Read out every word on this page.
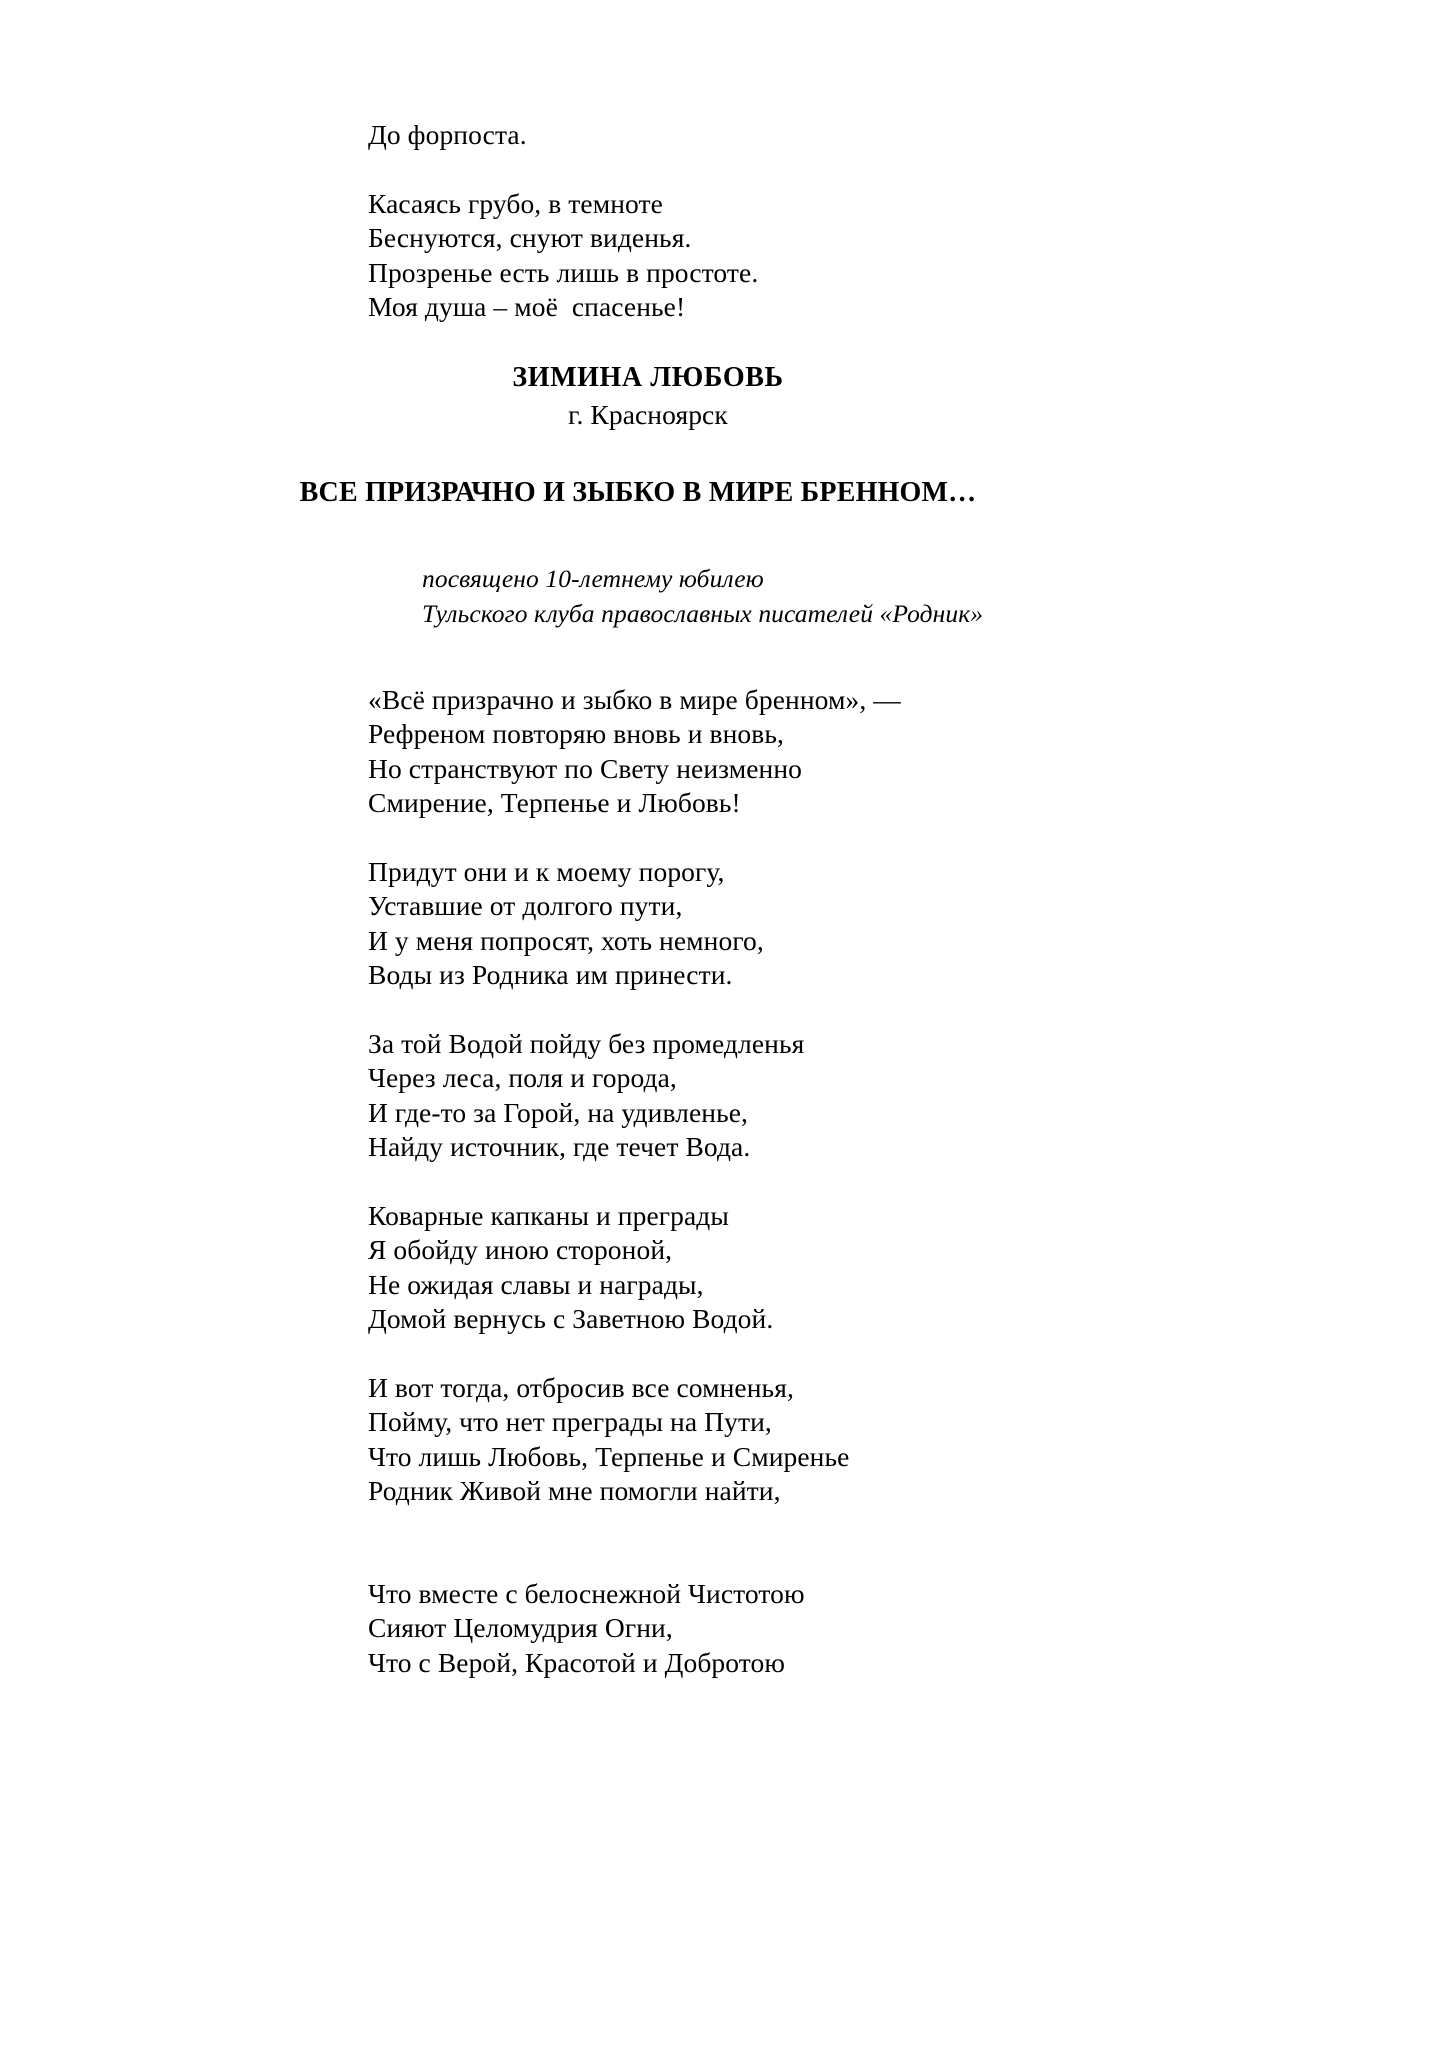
До форпоста.
Касаясь грубо, в темноте
Беснуются, снуют виденья.
Прозренье есть лишь в простоте.
Моя душа – моё  спасенье!
ЗИМИНА ЛЮБОВЬ
г. Красноярск
ВСЕ ПРИЗРАЧНО И ЗЫБКО В МИРЕ БРЕННОМ…
посвящено 10-летнему юбилею
Тульского клуба православных писателей «Родник»
«Всё призрачно и зыбко в мире бренном», —
Рефреном повторяю вновь и вновь,
Но странствуют по Свету неизменно
Смирение, Терпенье и Любовь!
Придут они и к моему порогу,
Уставшие от долгого пути,
И у меня попросят, хоть немного,
Воды из Родника им принести.
За той Водой пойду без промедленья
Через леса, поля и города,
И где-то за Горой, на удивленье,
Найду источник, где течет Вода.
Коварные капканы и преграды
Я обойду иною стороной,
Не ожидая славы и награды,
Домой вернусь с Заветною Водой.
И вот тогда, отбросив все сомненья,
Пойму, что нет преграды на Пути,
Что лишь Любовь, Терпенье и Смиренье
Родник Живой мне помогли найти,
Что вместе с белоснежной Чистотою
Сияют Целомудрия Огни,
Что с Верой, Красотой и Добротою
